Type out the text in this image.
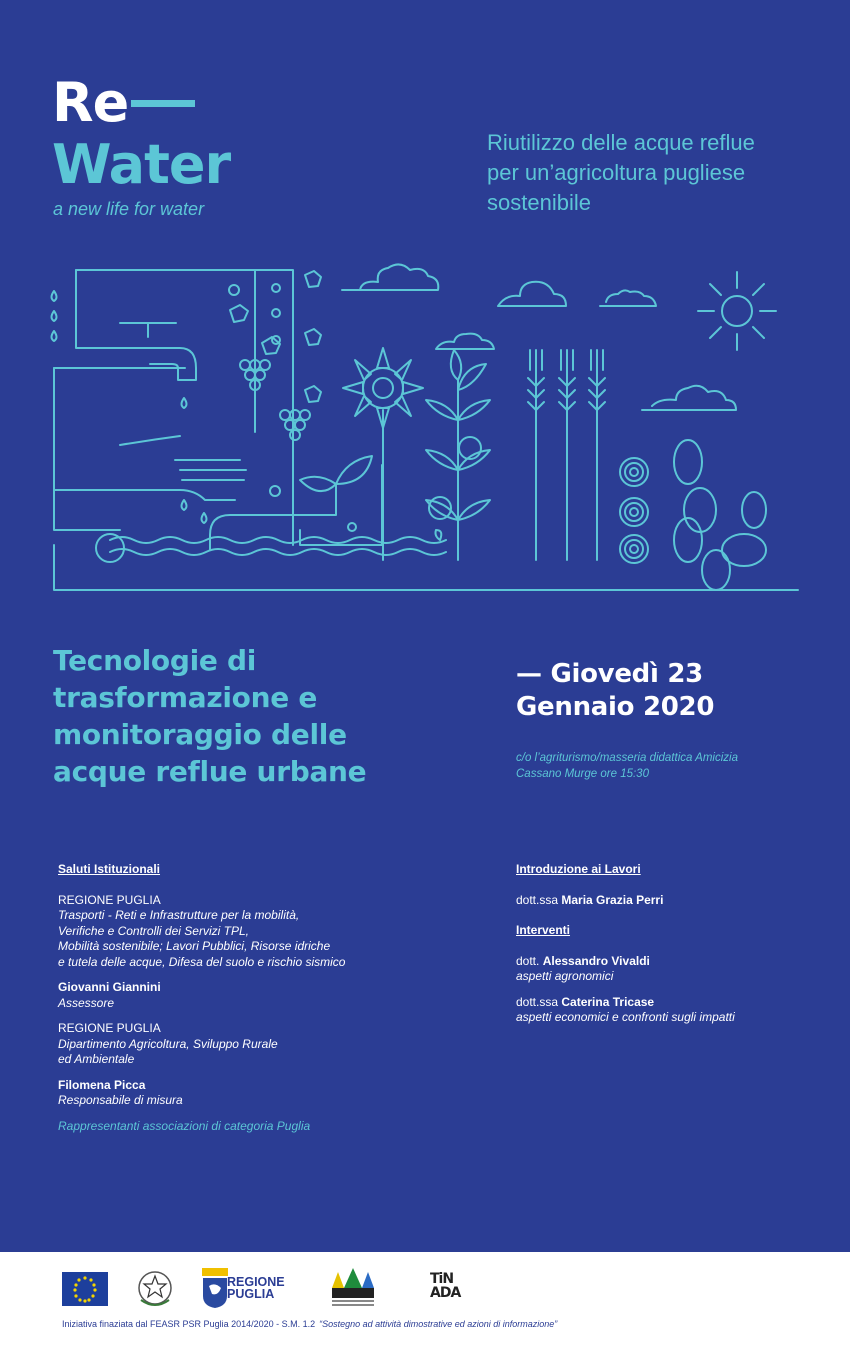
Re
Water
a new life for water
Riutilizzo delle acque reflue
per un’agricoltura pugliese
sostenibile
Tecnologie di
trasformazione e
monitoraggio delle
acque reflue urbane
— Giovedì 23
Gennaio 2020
c/o l’agriturismo/masseria didattica Amicizia
Cassano Murge ore 15:30
Saluti Istituzionali
REGIONE PUGLIA
Trasporti - Reti e Infrastrutture per la mobilità,
Verifiche e Controlli dei Servizi TPL,
Mobilità sostenibile; Lavori Pubblici, Risorse idriche
e tutela delle acque, Difesa del suolo e rischio sismico
Giovanni Giannini
Assessore
REGIONE PUGLIA
Dipartimento Agricoltura, Sviluppo Rurale
ed Ambientale
Filomena Picca
Responsabile di misura
Rappresentanti associazioni di categoria Puglia
Introduzione ai Lavori
dott.ssa Maria Grazia Perri
Interventi
dott. Alessandro Vivaldi
aspetti agronomici
dott.ssa Caterina Tricase
aspetti economici e confronti sugli impatti
REGIONE
PUGLIA
TiN
ADA
Iniziativa finaziata dal FEASR PSR Puglia 2014/2020 - S.M. 1.2 “Sostegno ad attività dimostrative ed azioni di informazione”
